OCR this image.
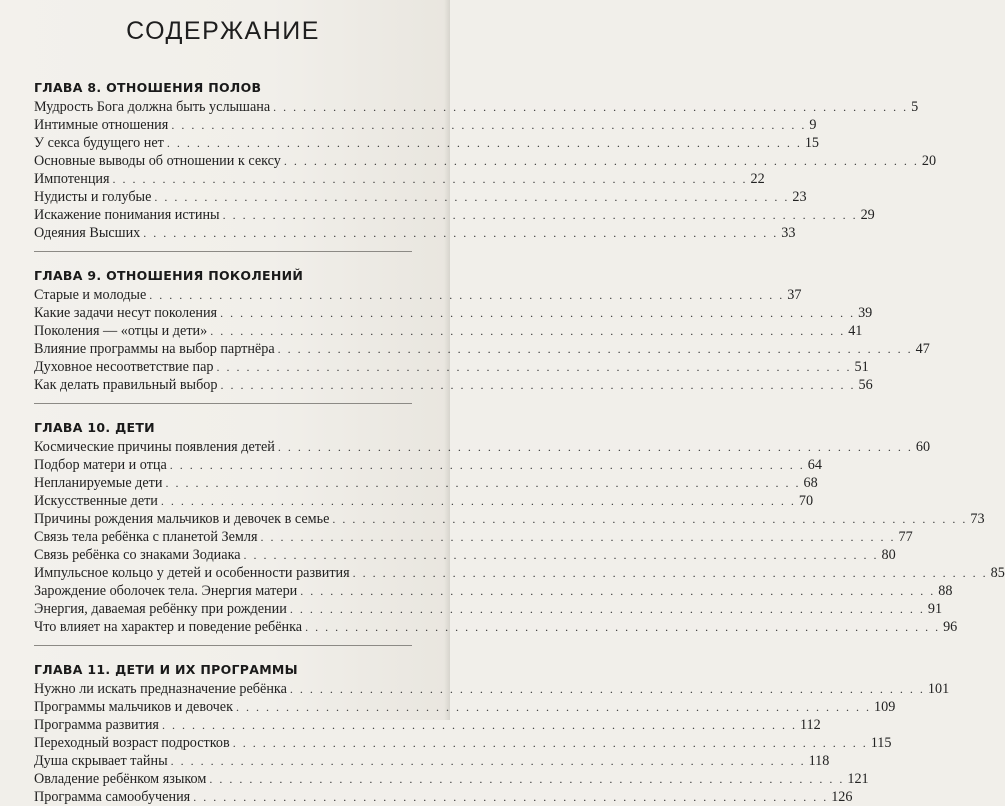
СОДЕРЖАНИЕ
ГЛАВА 8. ОТНОШЕНИЯ ПОЛОВ
Мудрость Бога должна быть услышана . . .	5
Интимные отношения . . .	9
У секса будущего нет . . .	15
Основные выводы об отношении к сексу . . .	20
Импотенция . . .	22
Нудисты и голубые . . .	23
Искажение понимания истины . . .	29
Одеяния Высших . . .	33
ГЛАВА 9. ОТНОШЕНИЯ ПОКОЛЕНИЙ
Старые и молодые . . .	37
Какие задачи несут поколения . . .	39
Поколения — «отцы и дети» . . .	41
Влияние программы на выбор партнёра . . .	47
Духовное несоответствие пар . . .	51
Как делать правильный выбор . . .	56
ГЛАВА 10. ДЕТИ
Космические причины появления детей . . .	60
Подбор матери и отца . . .	64
Непланируемые дети . . .	68
Искусственные дети . . .	70
Причины рождения мальчиков и девочек в семье . . .	73
Связь тела ребёнка с планетой Земля . . .	77
Связь ребёнка со знаками Зодиака . . .	80
Импульсное кольцо у детей и особенности развития . . .	85
Зарождение оболочек тела. Энергия матери . . .	88
Энергия, даваемая ребёнку при рождении . . .	91
Что влияет на характер и поведение ребёнка . . .	96
ГЛАВА 11. ДЕТИ И ИХ ПРОГРАММЫ
Нужно ли искать предназначение ребёнка . . .	101
Программы мальчиков и девочек . . .	109
Программа развития . . .	112
Переходный возраст подростков . . .	115
Душа скрывает тайны . . .	118
Овладение ребёнком языком . . .	121
Программа самообучения . . .	126
